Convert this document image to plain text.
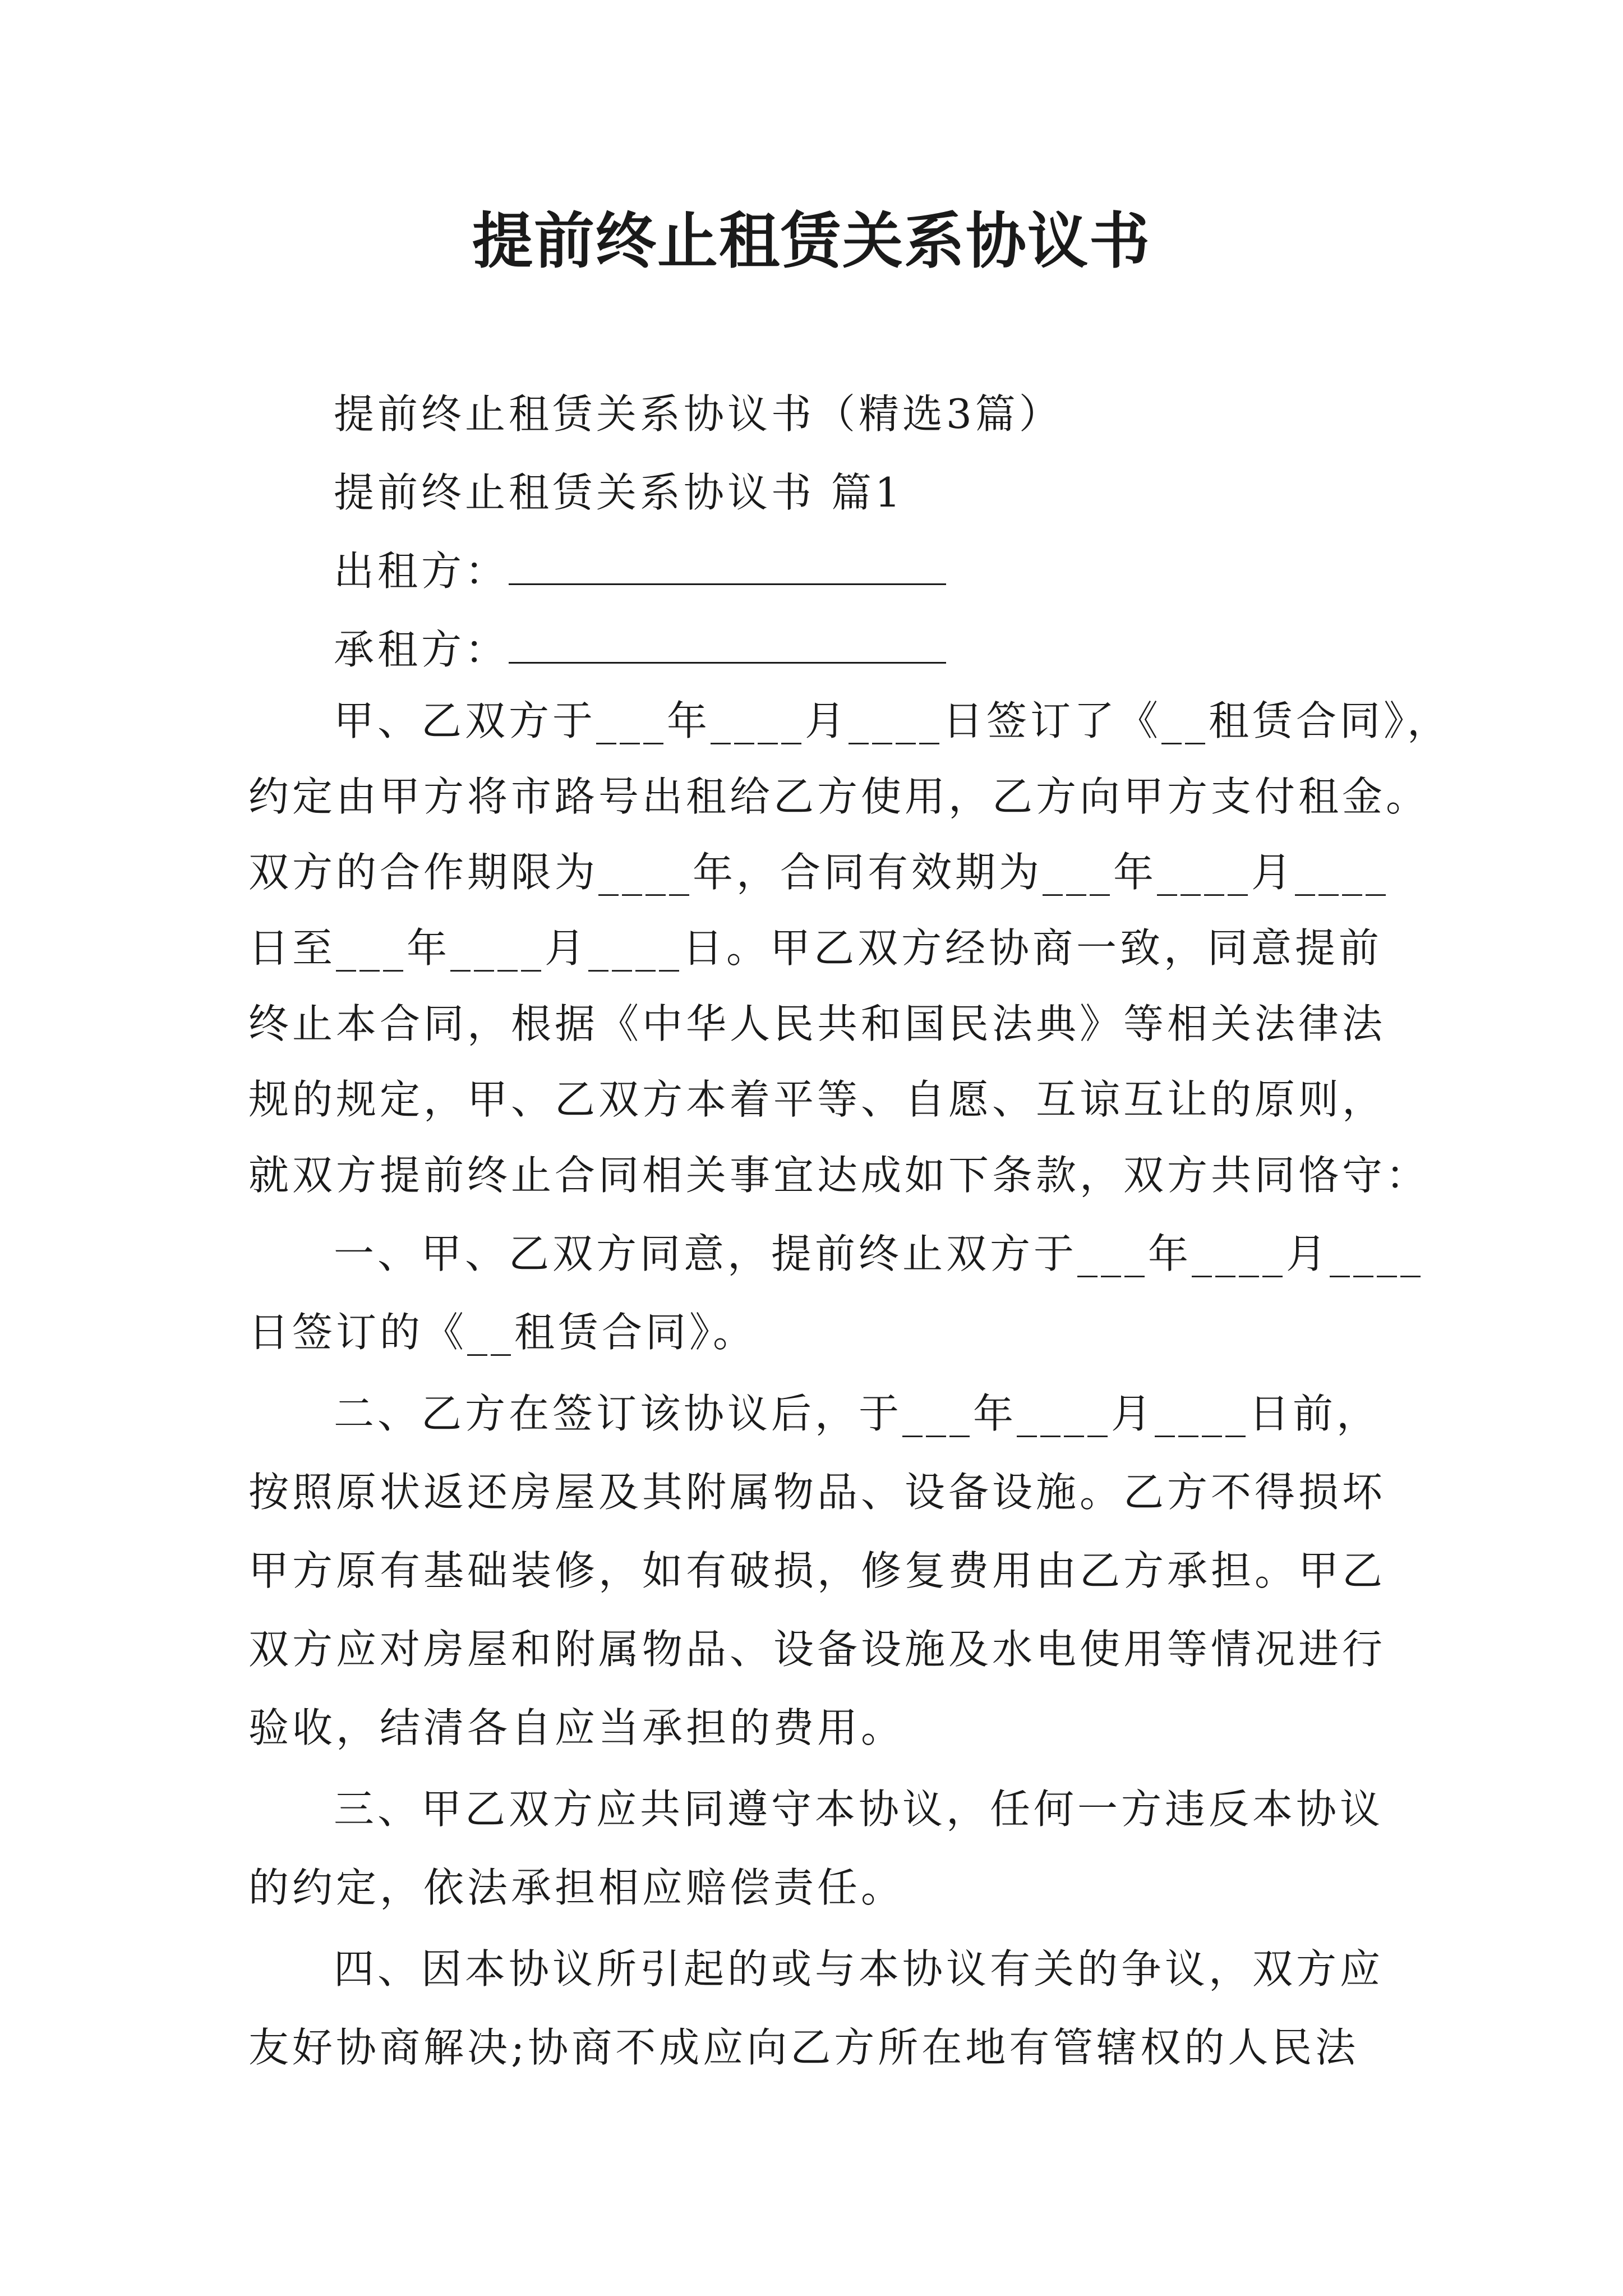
提前终止租赁关系协议书

提前终止租赁关系协议书（精选3篇）

提前终止租赁关系协议书 篇1

出租方：

承租方：

甲、乙双方于___年____月____日签订了《__租赁合同》，

约定由甲方将市路号出租给乙方使用，乙方向甲方支付租金。

双方的合作期限为____年，合同有效期为___年____月____

日至___年____月____日。甲乙双方经协商一致，同意提前

终止本合同，根据《中华人民共和国民法典》等相关法律法

规的规定，甲、乙双方本着平等、自愿、互谅互让的原则，

就双方提前终止合同相关事宜达成如下条款，双方共同恪守：

一、甲、乙双方同意，提前终止双方于___年____月____

日签订的《__租赁合同》。

二、乙方在签订该协议后，于___年____月____日前，

按照原状返还房屋及其附属物品、设备设施。乙方不得损坏

甲方原有基础装修，如有破损，修复费用由乙方承担。甲乙

双方应对房屋和附属物品、设备设施及水电使用等情况进行

验收，结清各自应当承担的费用。

三、甲乙双方应共同遵守本协议，任何一方违反本协议

的约定，依法承担相应赔偿责任。

四、因本协议所引起的或与本协议有关的争议，双方应

友好协商解决;协商不成应向乙方所在地有管辖权的人民法
